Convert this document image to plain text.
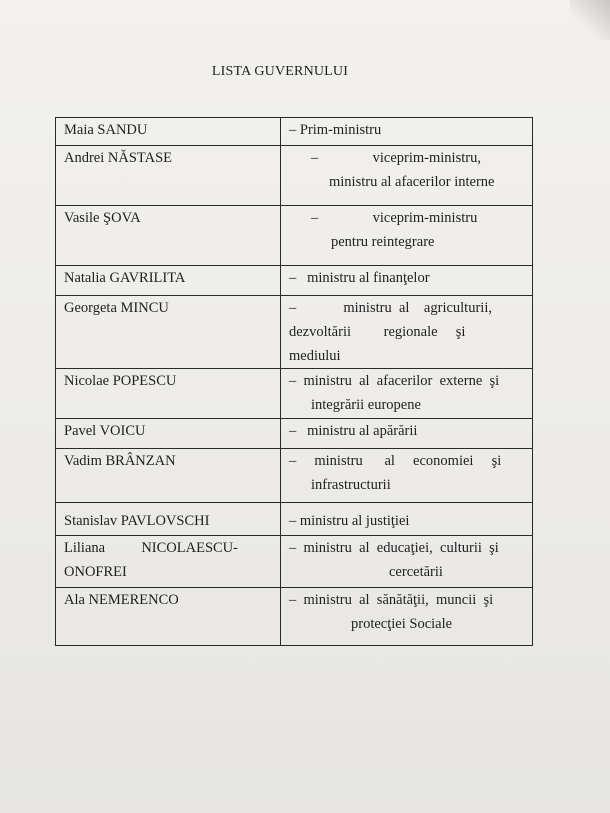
LISTA GUVERNULUI
Maia SANDU	– Prim-ministru

Andrei NĂSTASE	–               viceprim-ministru,
ministru al afacerilor interne

Vasile ŞOVA	–               viceprim-ministru
pentru reintegrare

Natalia GAVRILITA	–   ministru al finanţelor

Georgeta MINCU	–             ministru  al    agriculturii,
dezvoltării         regionale     şi
mediului

Nicolae POPESCU	–  ministru  al  afacerilor  externe  şi
integrării europene

Pavel VOICU	–   ministru al apărării

Vadim BRÂNZAN	–     ministru      al     economiei     şi
infrastructurii

Stanislav PAVLOVSCHI	– ministru al justiţiei

Liliana          NICOLAESCU-
ONOFREI	–  ministru  al  educaţiei,  culturii  şi
cercetării

Ala NEMERENCO	–  ministru  al  sănătăţii,  muncii  şi
protecţiei Sociale
